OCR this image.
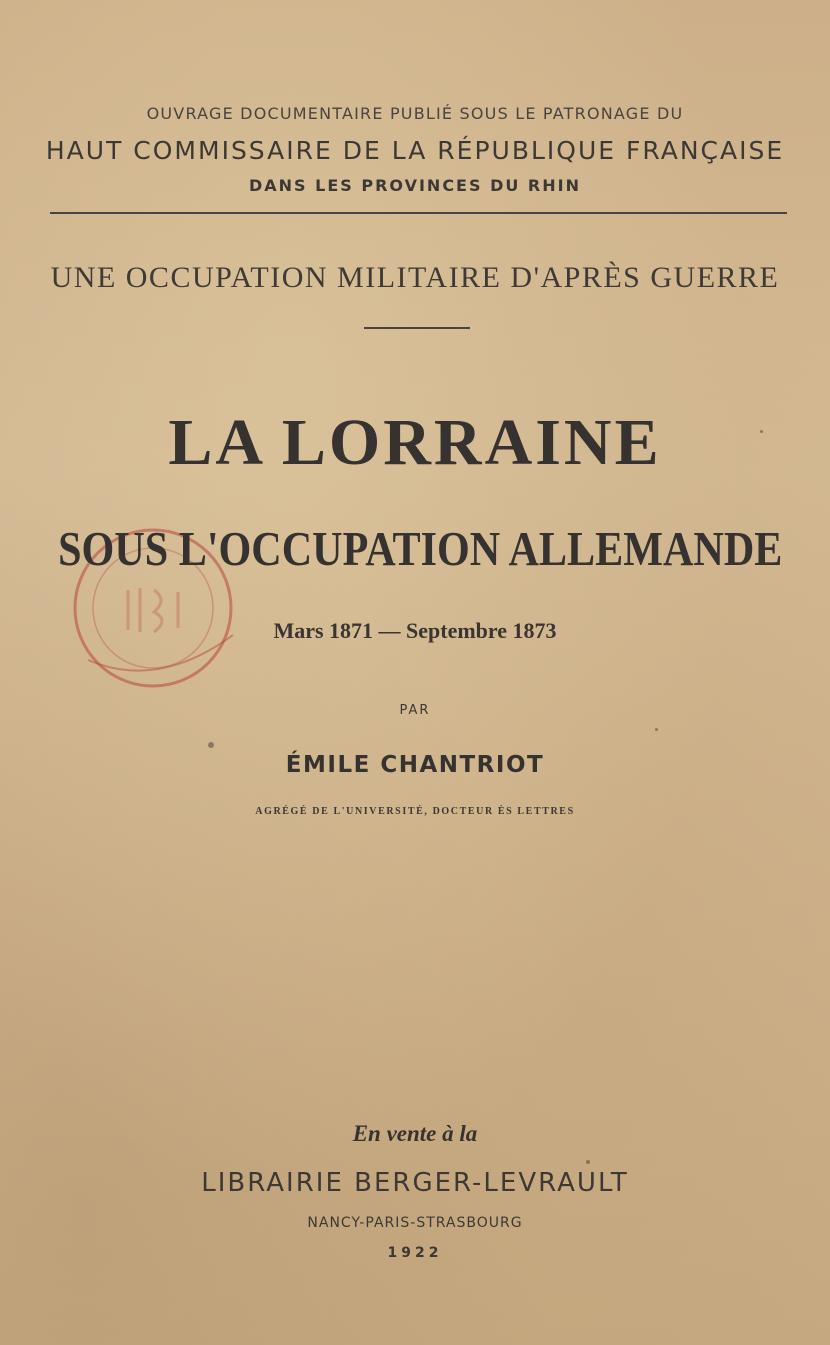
OUVRAGE DOCUMENTAIRE PUBLIÉ SOUS LE PATRONAGE DU

HAUT COMMISSAIRE DE LA RÉPUBLIQUE FRANÇAISE

DANS LES PROVINCES DU RHIN

UNE OCCUPATION MILITAIRE D'APRÈS GUERRE

LA LORRAINE

SOUS L'OCCUPATION ALLEMANDE

Mars 1871 — Septembre 1873

PAR

ÉMILE CHANTRIOT

AGRÉGÉ DE L'UNIVERSITÉ, DOCTEUR ÈS LETTRES

En vente à la

LIBRAIRIE BERGER-LEVRAULT

NANCY-PARIS-STRASBOURG

1922
